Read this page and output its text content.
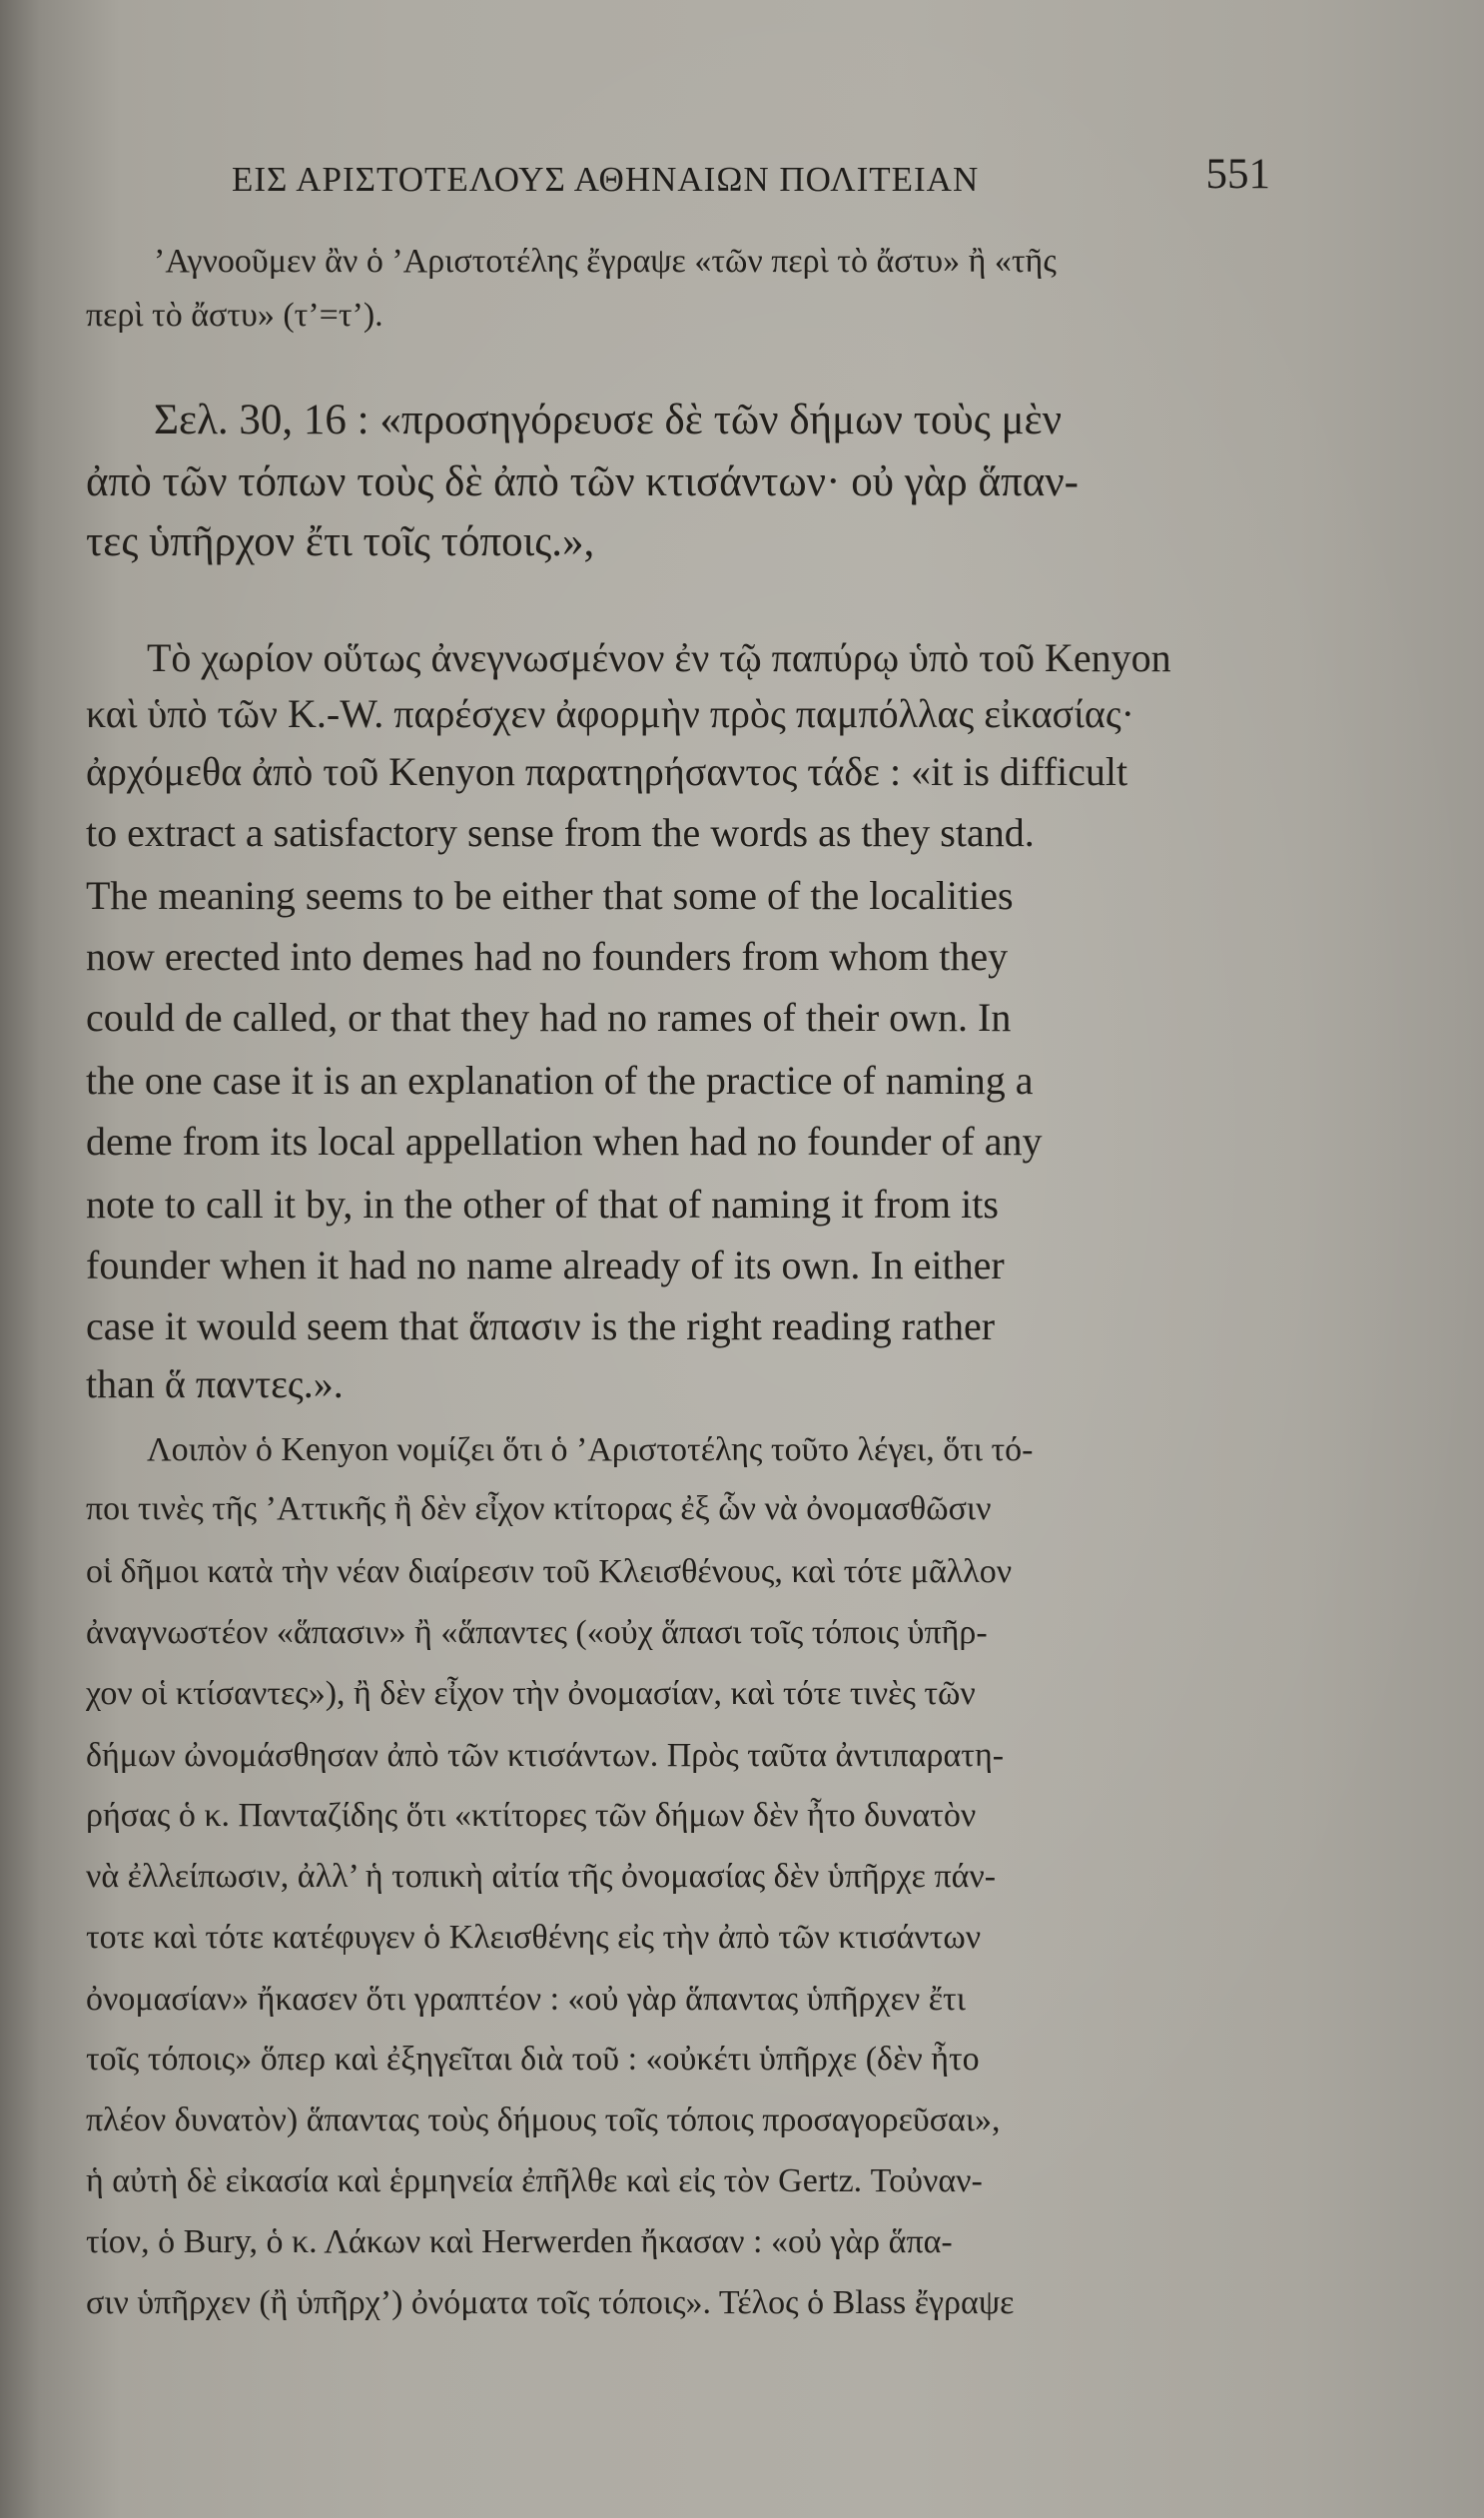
ΕΙΣ ΑΡΙΣΤΟΤΕΛΟΥΣ ΑΘΗΝΑΙΩΝ ΠΟΛΙΤΕΙΑΝ	551
’Αγνοοῦμεν ἂν ὁ ’Αριστοτέλης ἔγραψε «τῶν περὶ τὸ ἄστυ» ἢ «τῆς
περὶ τὸ ἄστυ» (τ’=τ’).
Σελ. 30, 16 : «προσηγόρευσε δὲ τῶν δήμων τοὺς μὲν
ἀπὸ τῶν τόπων τοὺς δὲ ἀπὸ τῶν κτισάντων· οὐ γὰρ ἅπαν-
τες ὑπῆρχον ἔτι τοῖς τόποις.»,
Τὸ χωρίον οὕτως ἀνεγνωσμένον ἐν τῷ παπύρῳ ὑπὸ τοῦ Kenyon
καὶ ὑπὸ τῶν K.-W. παρέσχεν ἀφορμὴν πρὸς παμπόλλας εἰκασίας·
ἀρχόμεθα ἀπὸ τοῦ Kenyon παρατηρήσαντος τάδε : «it is difficult
to extract a satisfactory sense from the words as they stand.
The meaning seems to be either that some of the localities
now erected into demes had no founders from whom they
could de called, or that they had no rames of their own. In
the one case it is an explanation of the practice of naming a
deme from its local appellation when had no founder of any
note to call it by, in the other of that of naming it from its
founder when it had no name already of its own. In either
case it would seem that ἅπασιν is the right reading rather
than ἅ παντες.».
Λοιπὸν ὁ Kenyon νομίζει ὅτι ὁ ’Αριστοτέλης τοῦτο λέγει, ὅτι τό-
ποι τινὲς τῆς ’Αττικῆς ἢ δὲν εἶχον κτίτορας ἐξ ὧν νὰ ὀνομασθῶσιν
οἱ δῆμοι κατὰ τὴν νέαν διαίρεσιν τοῦ Κλεισθένους, καὶ τότε μᾶλλον
ἀναγνωστέον «ἅπασιν» ἢ «ἅπαντες («οὐχ ἅπασι τοῖς τόποις ὑπῆρ-
χον οἱ κτίσαντες»), ἢ δὲν εἶχον τὴν ὀνομασίαν, καὶ τότε τινὲς τῶν
δήμων ὠνομάσθησαν ἀπὸ τῶν κτισάντων. Πρὸς ταῦτα ἀντιπαρατη-
ρήσας ὁ κ. Πανταζίδης ὅτι «κτίτορες τῶν δήμων δὲν ἦτο δυνατὸν
νὰ ἐλλείπωσιν, ἀλλ’ ἡ τοπικὴ αἰτία τῆς ὀνομασίας δὲν ὑπῆρχε πάν-
τοτε καὶ τότε κατέφυγεν ὁ Κλεισθένης εἰς τὴν ἀπὸ τῶν κτισάντων
ὀνομασίαν» ἤκασεν ὅτι γραπτέον : «οὐ γὰρ ἅπαντας ὑπῆρχεν ἔτι
τοῖς τόποις» ὅπερ καὶ ἐξηγεῖται διὰ τοῦ : «οὐκέτι ὑπῆρχε (δὲν ἦτο
πλέον δυνατὸν) ἅπαντας τοὺς δήμους τοῖς τόποις προσαγορεῦσαι»,
ἡ αὐτὴ δὲ εἰκασία καὶ ἑρμηνεία ἐπῆλθε καὶ εἰς τὸν Gertz. Τοὐναν-
τίον, ὁ Bury, ὁ κ. Λάκων καὶ Herwerden ἤκασαν : «οὐ γὰρ ἅπα-
σιν ὑπῆρχεν (ἢ ὑπῆρχ’) ὀνόματα τοῖς τόποις». Τέλος ὁ Blass ἔγραψε
